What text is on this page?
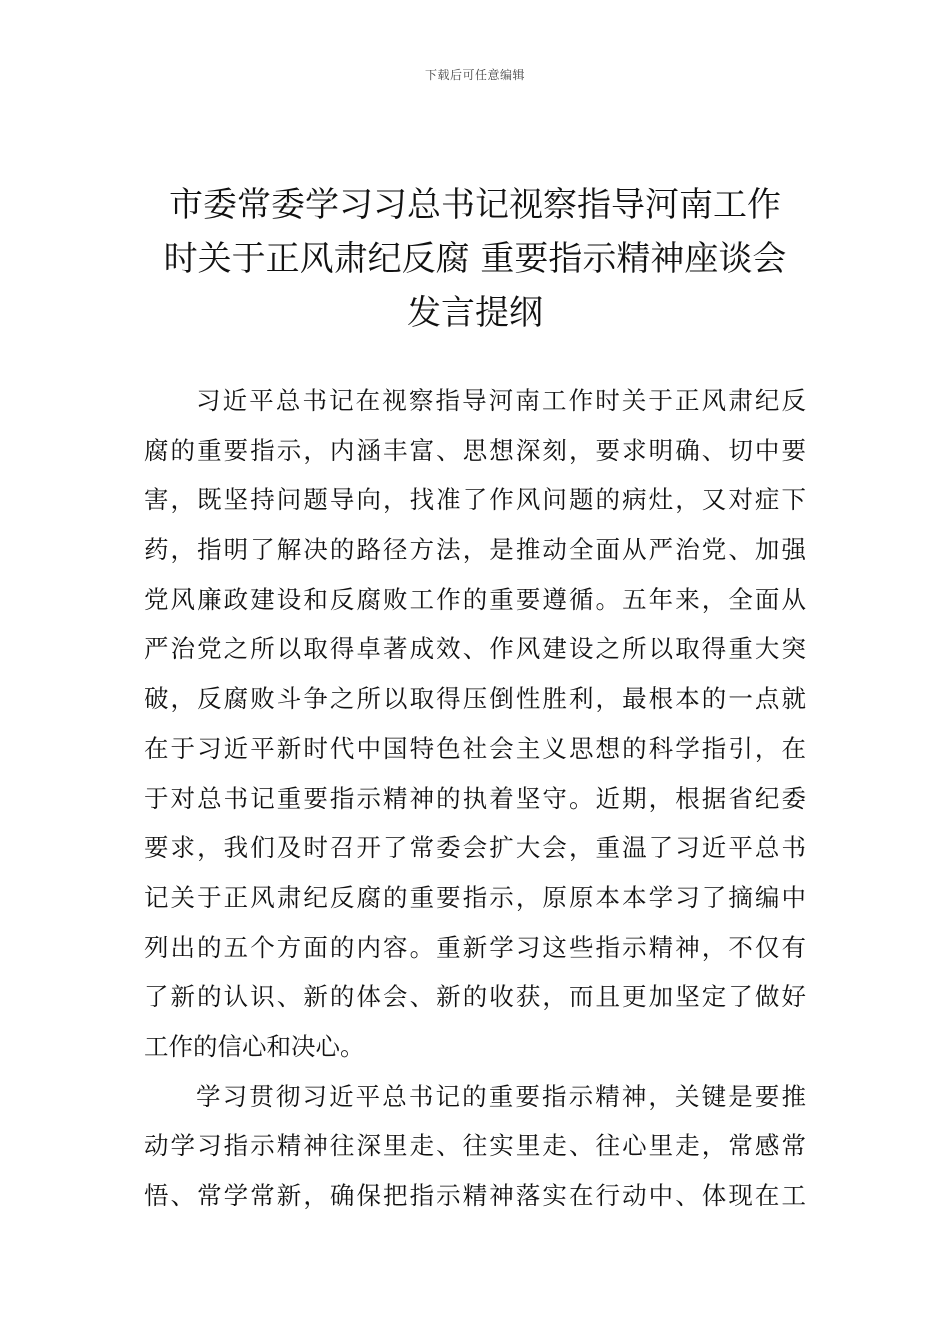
下载后可任意编辑
市委常委学习习总书记视察指导河南工作
时关于正风肃纪反腐 重要指示精神座谈会
发言提纲
习近平总书记在视察指导河南工作时关于正风肃纪反
腐的重要指示，内涵丰富、思想深刻，要求明确、切中要
害，既坚持问题导向，找准了作风问题的病灶，又对症下
药，指明了解决的路径方法，是推动全面从严治党、加强
党风廉政建设和反腐败工作的重要遵循。五年来，全面从
严治党之所以取得卓著成效、作风建设之所以取得重大突
破，反腐败斗争之所以取得压倒性胜利，最根本的一点就
在于习近平新时代中国特色社会主义思想的科学指引，在
于对总书记重要指示精神的执着坚守。近期，根据省纪委
要求，我们及时召开了常委会扩大会，重温了习近平总书
记关于正风肃纪反腐的重要指示，原原本本学习了摘编中
列出的五个方面的内容。重新学习这些指示精神，不仅有
了新的认识、新的体会、新的收获，而且更加坚定了做好
工作的信心和决心。
学习贯彻习近平总书记的重要指示精神，关键是要推
动学习指示精神往深里走、往实里走、往心里走，常感常
悟、常学常新，确保把指示精神落实在行动中、体现在工
